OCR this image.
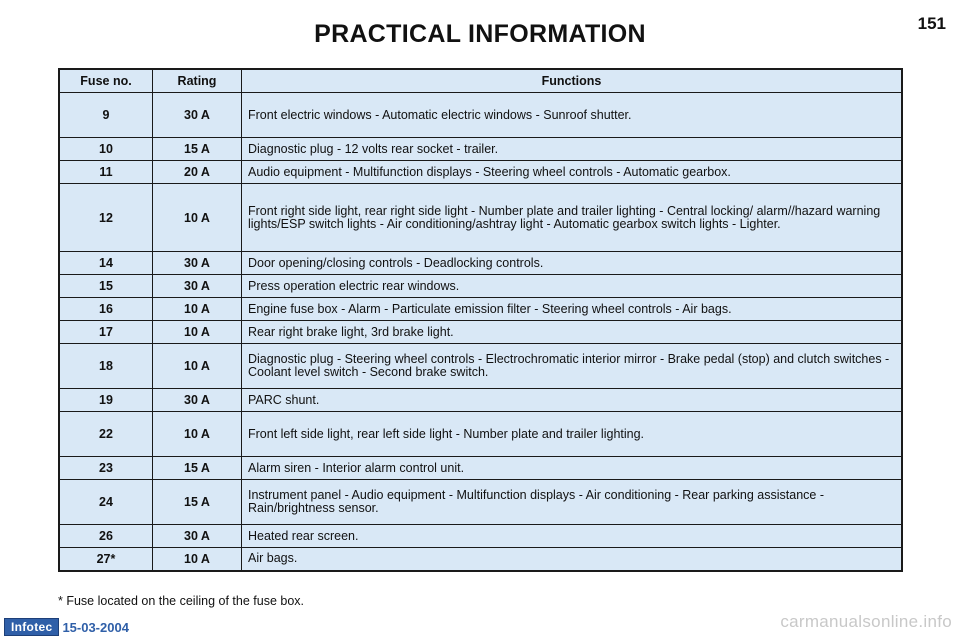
PRACTICAL INFORMATION	151
Fuse no.	Rating	Functions
9	30 A	Front electric windows - Automatic electric windows - Sunroof shutter.
10	15 A	Diagnostic plug - 12 volts rear socket - trailer.
11	20 A	Audio equipment - Multifunction displays - Steering wheel controls - Automatic gearbox.
12	10 A	Front right side light, rear right side light - Number plate and trailer lighting - Central locking/ alarm//hazard warning lights/ESP switch lights - Air conditioning/ashtray light - Automatic gearbox switch lights - Lighter.
14	30 A	Door opening/closing controls - Deadlocking controls.
15	30 A	Press operation electric rear windows.
16	10 A	Engine fuse box - Alarm - Particulate emission filter - Steering wheel controls - Air bags.
17	10 A	Rear right brake light, 3rd brake light.
18	10 A	Diagnostic plug - Steering wheel controls - Electrochromatic interior mirror - Brake pedal (stop) and clutch switches - Coolant level switch - Second brake switch.
19	30 A	PARC shunt.
22	10 A	Front left side light, rear left side light - Number plate and trailer lighting.
23	15 A	Alarm siren - Interior alarm control unit.
24	15 A	Instrument panel - Audio equipment - Multifunction displays - Air conditioning - Rear parking assistance - Rain/brightness sensor.
26	30 A	Heated rear screen.
27*	10 A	Air bags.
* Fuse located on the ceiling of the fuse box.
Infotec 15-03-2004	carmanualsonline.info
